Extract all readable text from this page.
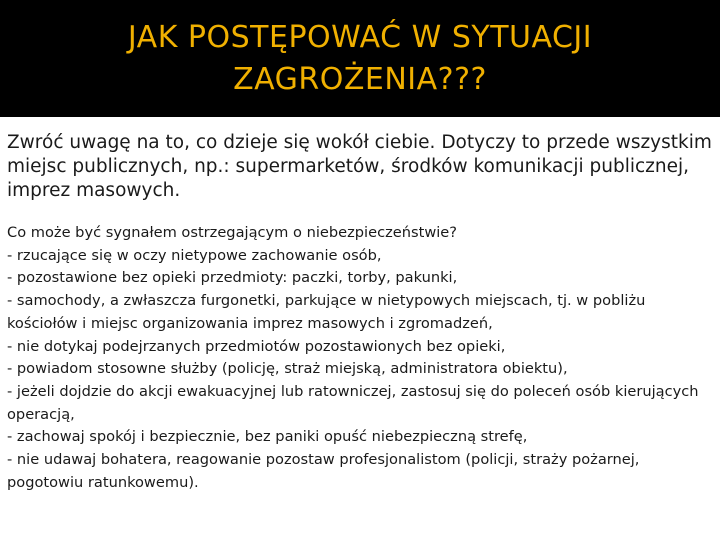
JAK POSTĘPOWAĆ W SYTUACJI ZAGROŻENIA???

Zwróć uwagę na to, co dzieje się wokół ciebie. Dotyczy to przede wszystkim miejsc publicznych, np.: supermarketów, środków komunikacji publicznej, imprez masowych.

Co może być sygnałem ostrzegającym o niebezpieczeństwie?

- rzucające się w oczy nietypowe zachowanie osób,
- pozostawione bez opieki przedmioty: paczki, torby, pakunki,
- samochody, a zwłaszcza furgonetki, parkujące w nietypowych miejscach, tj. w pobliżu kościołów i miejsc organizowania imprez masowych i zgromadzeń,
- nie dotykaj podejrzanych przedmiotów pozostawionych bez opieki,
- powiadom stosowne służby (policję, straż miejską, administratora obiektu),
- jeżeli dojdzie do akcji ewakuacyjnej lub ratowniczej, zastosuj się do poleceń osób kierujących operacją,
- zachowaj spokój i bezpiecznie, bez paniki opuść niebezpieczną strefę,
- nie udawaj bohatera, reagowanie pozostaw profesjonalistom (policji, straży pożarnej, pogotowiu ratunkowemu).
